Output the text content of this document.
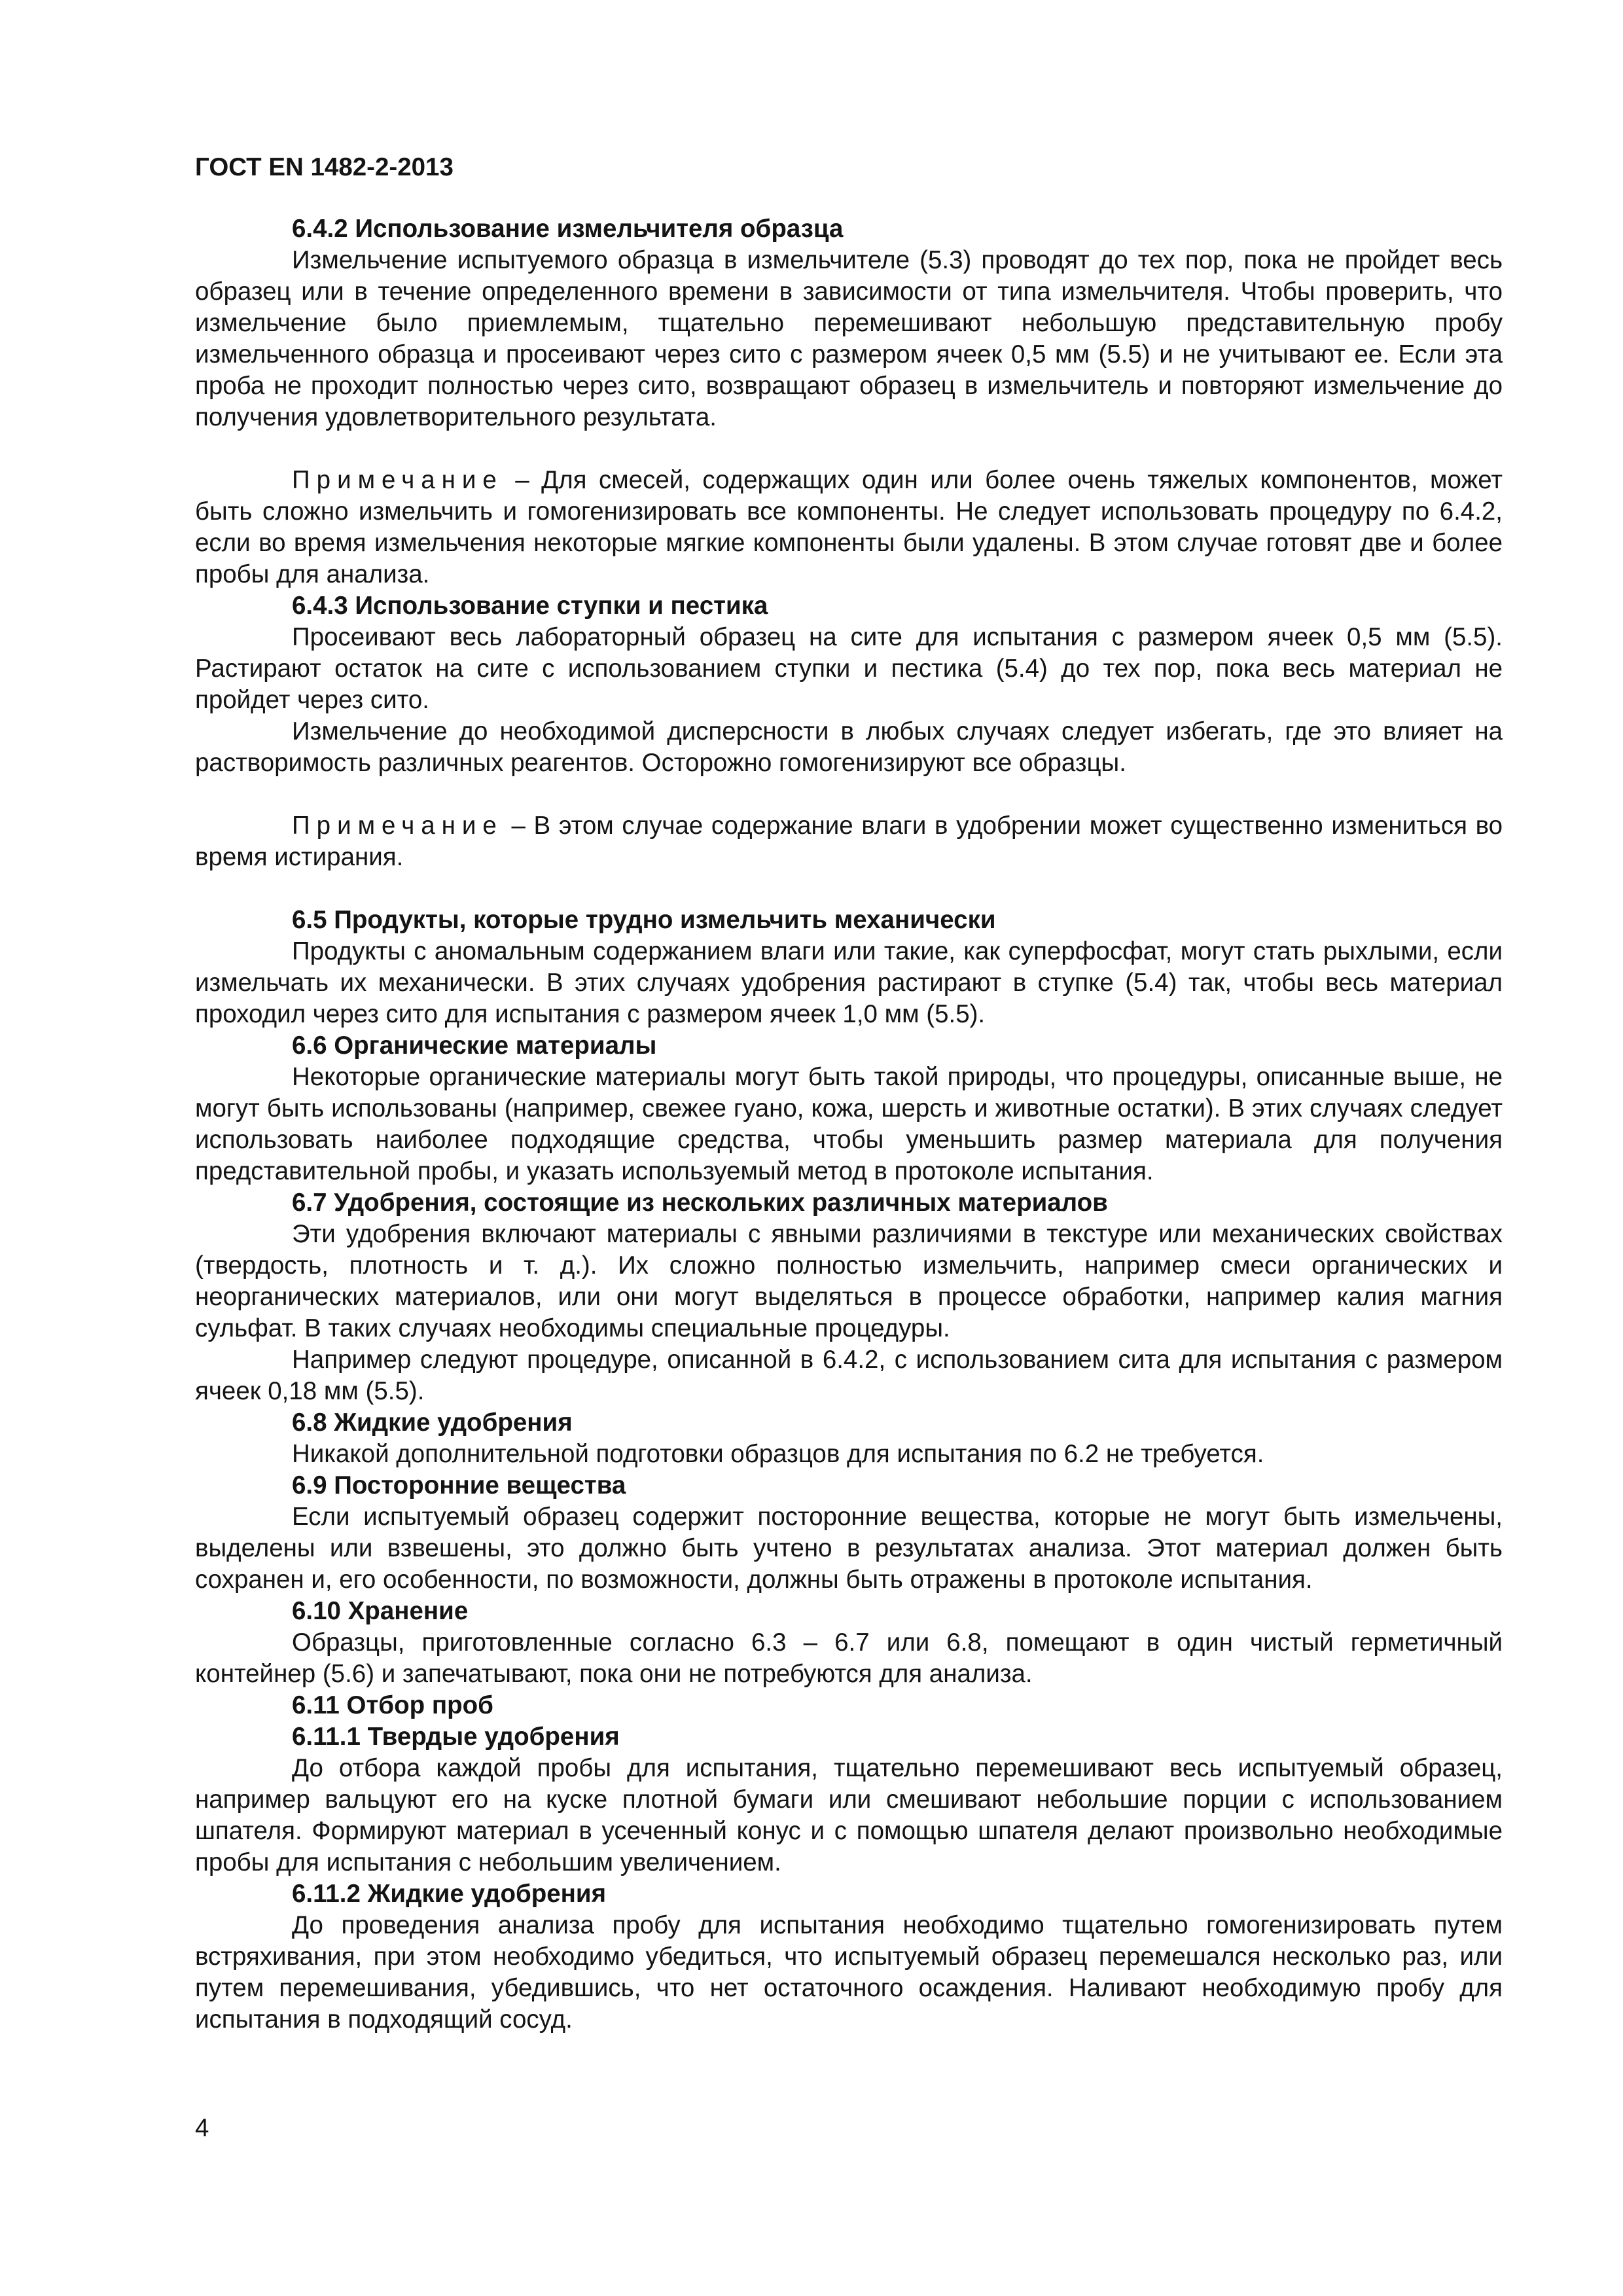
ГОСТ EN 1482-2-2013
6.4.2 Использование измельчителя образца

Измельчение испытуемого образца в измельчителе (5.3) проводят до тех пор, пока не пройдет весь образец или в течение определенного времени в зависимости от типа измельчителя. Чтобы проверить, что измельчение было приемлемым, тщательно перемешивают небольшую представительную пробу измельченного образца и просеивают через сито с размером ячеек 0,5 мм (5.5) и не учитывают ее. Если эта проба не проходит полностью через сито, возвращают образец в измельчитель и повторяют измельчение до получения удовлетворительного результата.

Примечание – Для смесей, содержащих один или более очень тяжелых компонентов, может быть сложно измельчить и гомогенизировать все компоненты. Не следует использовать процедуру по 6.4.2, если во время измельчения некоторые мягкие компоненты были удалены. В этом случае готовят две и более пробы для анализа.

6.4.3 Использование ступки и пестика

Просеивают весь лабораторный образец на сите для испытания с размером ячеек 0,5 мм (5.5). Растирают остаток на сите с использованием ступки и пестика (5.4) до тех пор, пока весь материал не пройдет через сито.

Измельчение до необходимой дисперсности в любых случаях следует избегать, где это влияет на растворимость различных реагентов. Осторожно гомогенизируют все образцы.

Примечание – В этом случае содержание влаги в удобрении может существенно измениться во время истирания.

6.5 Продукты, которые трудно измельчить механически

Продукты с аномальным содержанием влаги или такие, как суперфосфат, могут стать рыхлыми, если измельчать их механически. В этих случаях удобрения растирают в ступке (5.4) так, чтобы весь материал проходил через сито для испытания с размером ячеек 1,0 мм (5.5).

6.6 Органические материалы

Некоторые органические материалы могут быть такой природы, что процедуры, описанные выше, не могут быть использованы (например, свежее гуано, кожа, шерсть и животные остатки). В этих случаях следует использовать наиболее подходящие средства, чтобы уменьшить размер материала для получения представительной пробы, и указать используемый метод в протоколе испытания.

6.7 Удобрения, состоящие из нескольких различных материалов

Эти удобрения включают материалы с явными различиями в текстуре или механических свойствах (твердость, плотность и т. д.). Их сложно полностью измельчить, например смеси органических и неорганических материалов, или они могут выделяться в процессе обработки, например калия магния сульфат. В таких случаях необходимы специальные процедуры.

Например следуют процедуре, описанной в 6.4.2, с использованием сита для испытания с размером ячеек 0,18 мм (5.5).

6.8 Жидкие удобрения

Никакой дополнительной подготовки образцов для испытания по 6.2 не требуется.

6.9 Посторонние вещества

Если испытуемый образец содержит посторонние вещества, которые не могут быть измельчены, выделены или взвешены, это должно быть учтено в результатах анализа. Этот материал должен быть сохранен и, его особенности, по возможности, должны быть отражены в протоколе испытания.

6.10 Хранение

Образцы, приготовленные согласно 6.3 – 6.7 или 6.8, помещают в один чистый герметичный контейнер (5.6) и запечатывают, пока они не потребуются для анализа.

6.11 Отбор проб
6.11.1 Твердые удобрения

До отбора каждой пробы для испытания, тщательно перемешивают весь испытуемый образец, например вальцуют его на куске плотной бумаги или смешивают небольшие порции с использованием шпателя. Формируют материал в усеченный конус и с помощью шпателя делают произвольно необходимые пробы для испытания с небольшим увеличением.

6.11.2 Жидкие удобрения

До проведения анализа пробу для испытания необходимо тщательно гомогенизировать путем встряхивания, при этом необходимо убедиться, что испытуемый образец перемешался несколько раз, или путем перемешивания, убедившись, что нет остаточного осаждения. Наливают необходимую пробу для испытания в подходящий сосуд.

4
